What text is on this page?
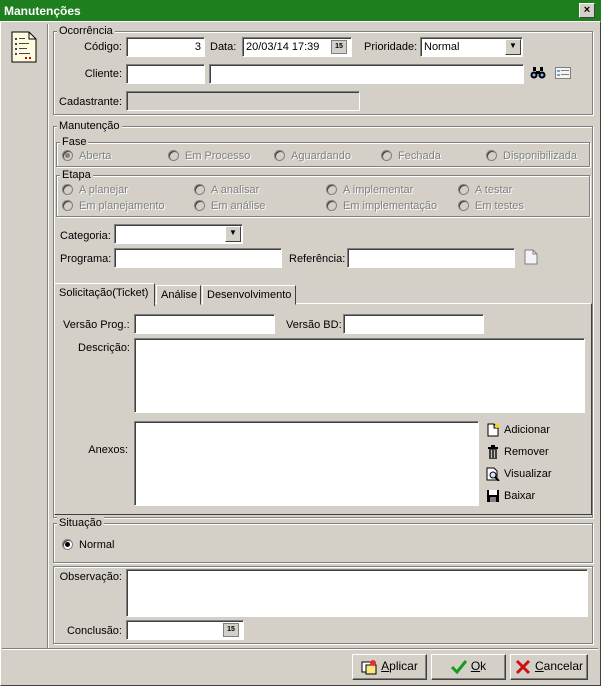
Manutenções	×
Ocorrência
Código:	3 Data: 20/03/14 17:39	15	Prioridade: Normal	▼
Cliente:
Cadastrante:
Manutenção
Fase
Aberta	Em Processo	Aguardando	Fechada	Disponibilizada
Etapa
A planejar	A analisar	A implementar	A testar
Em planejamento	Em análise	Em implementação	Em testes
Categoria:	▼
Programa:	Referência:
Solicitação(Ticket)	Análise Desenvolvimento
Versão Prog.:	Versão BD:
Descrição:
Anexos:
Adicionar
Remover
Visualizar
Baixar
Situação
Normal
Observação:
Conclusão:	15
Aplicar	Ok	Cancelar
